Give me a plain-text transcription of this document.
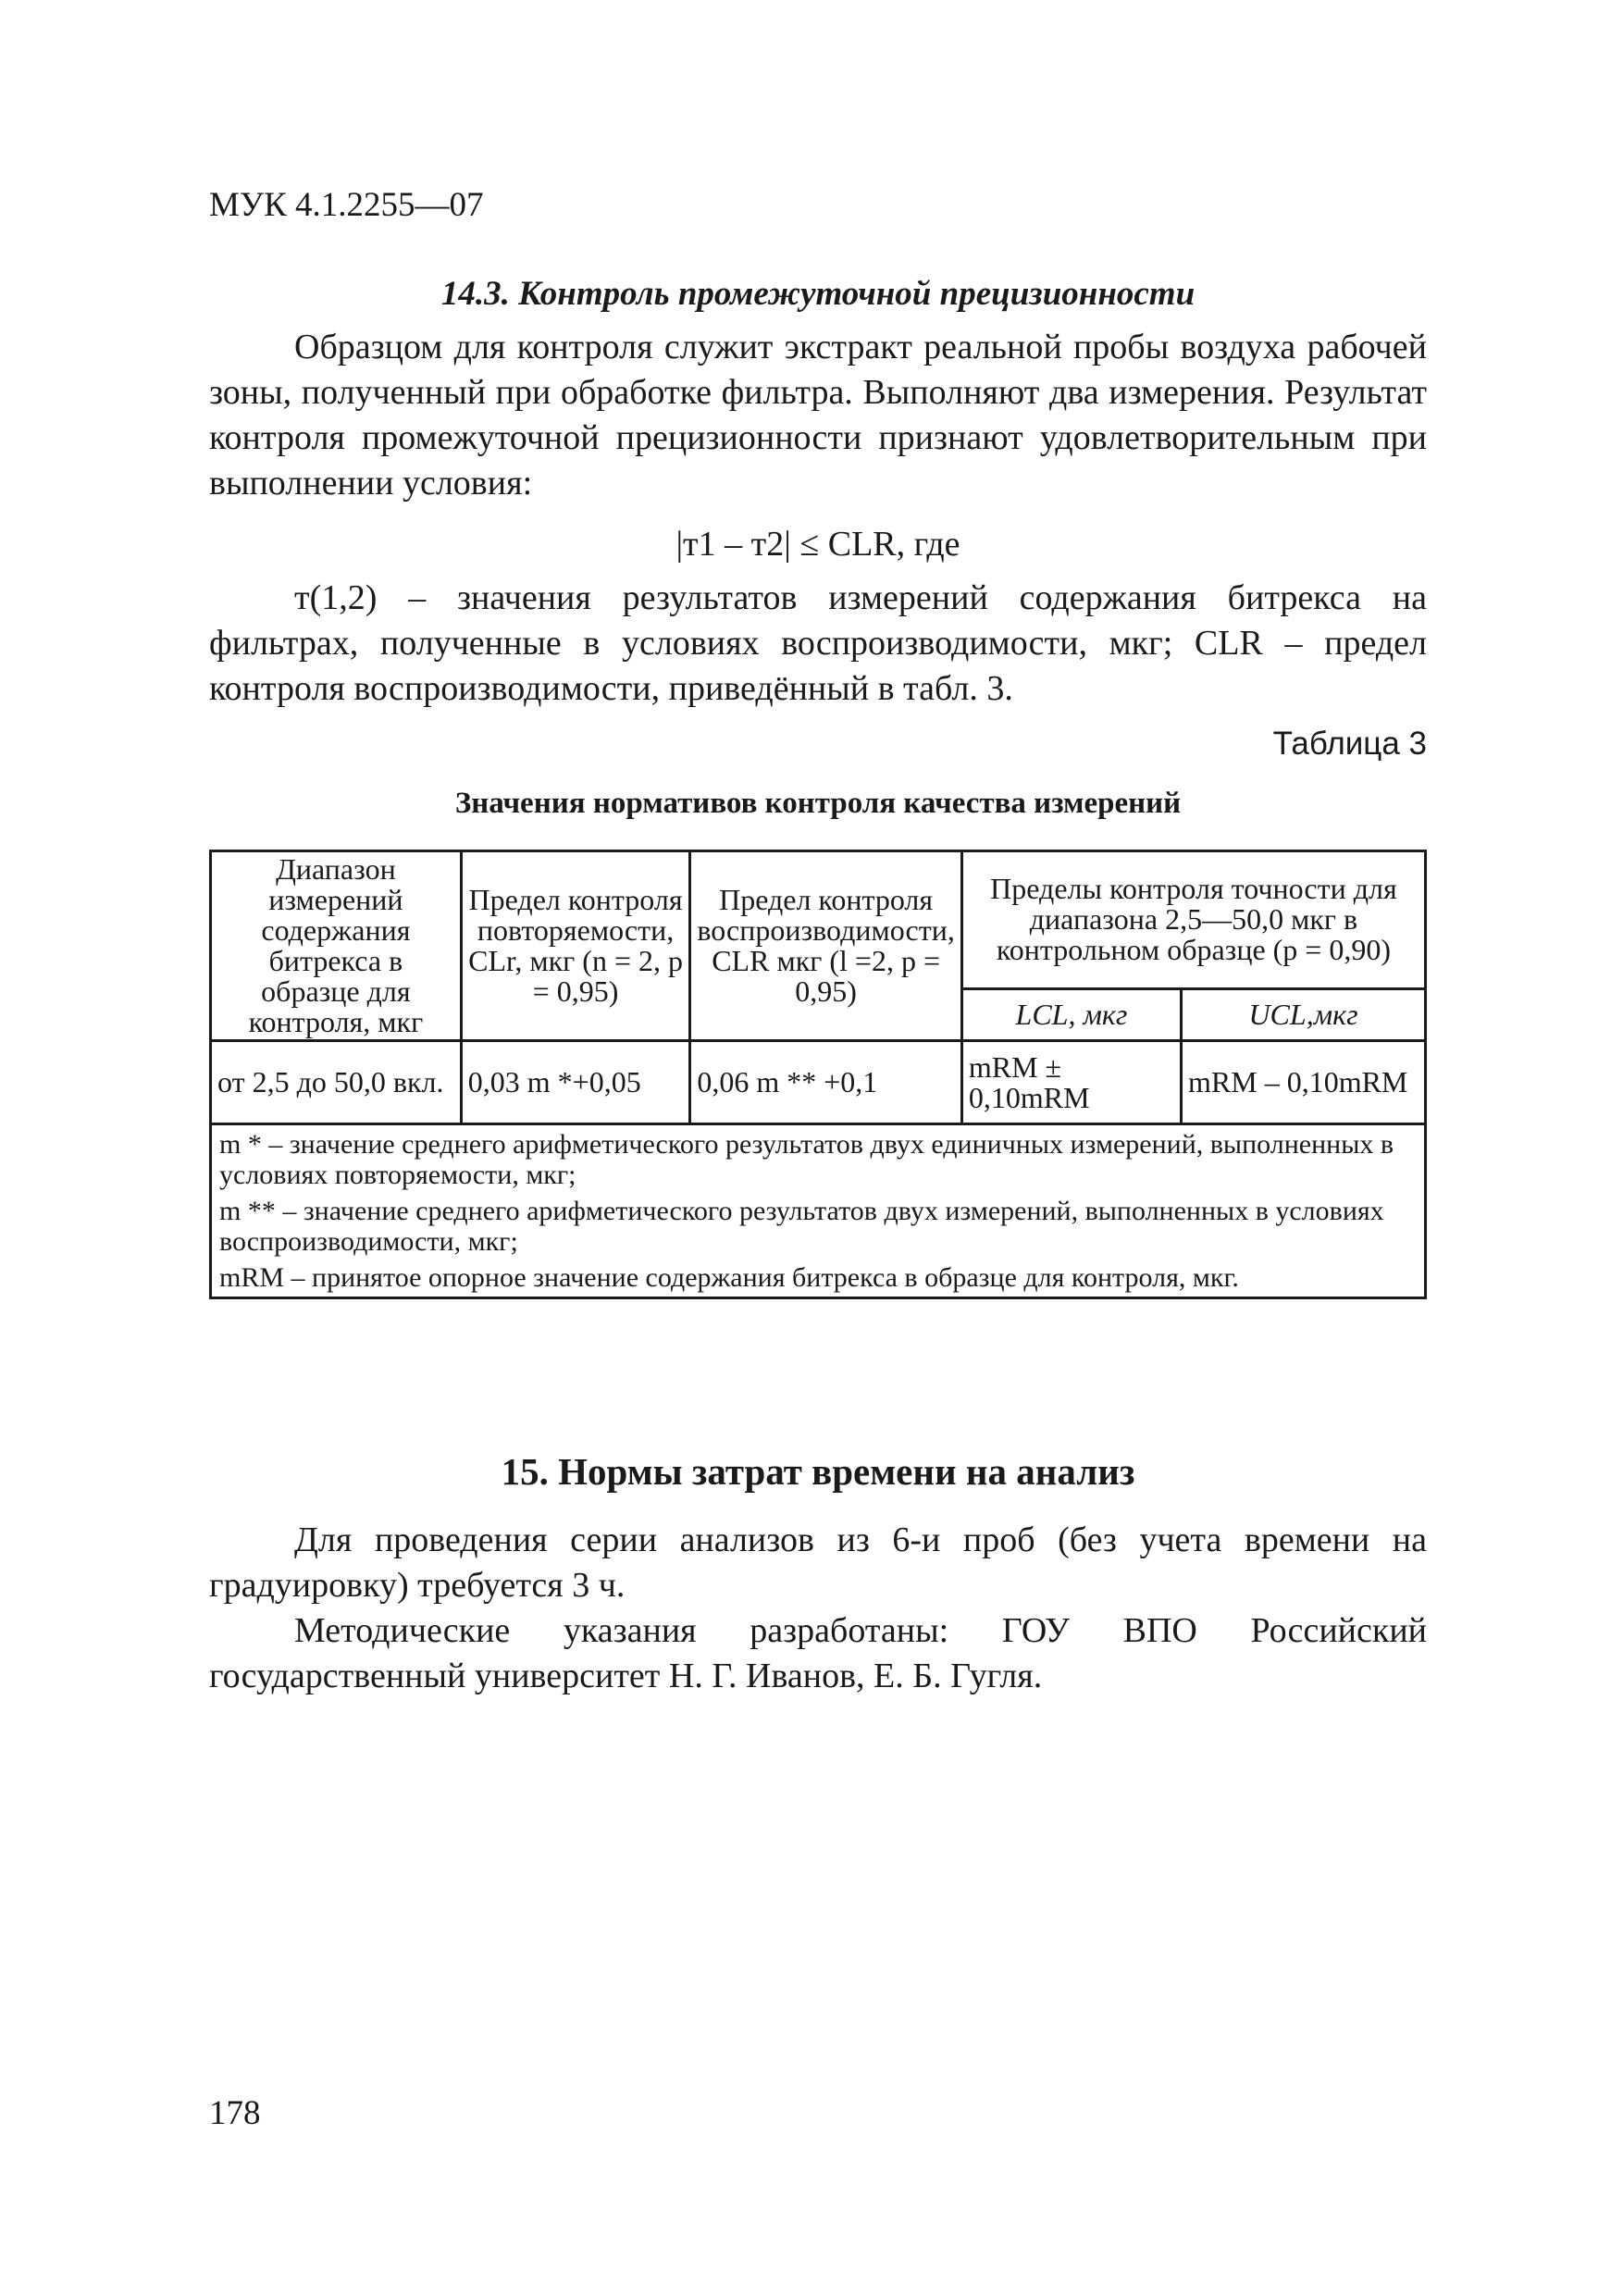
МУК 4.1.2255—07
14.3. Контроль промежуточной прецизионности

Образцом для контроля служит экстракт реальной пробы воздуха рабочей зоны, полученный при обработке фильтра. Выполняют два измерения. Результат контроля промежуточной прецизионности признают удовлетворительным при выполнении условия:

|т1 – т2| ≤ CLR, где

т(1,2) – значения результатов измерений содержания битрекса на фильтрах, полученные в условиях воспроизводимости, мкг; CLR – предел контроля воспроизводимости, приведённый в табл. 3.

Таблица 3
Значения нормативов контроля качества измерений
Диапазон измерений содержания битрекса в образце для контроля, мкг	Предел контроля повторяемости, CLr, мкг (n = 2, p = 0,95)	Предел контроля воспроизводимости, CLR мкг (l =2, p = 0,95)	Пределы контроля точности для диапазона 2,5—50,0 мкг в контрольном образце (p = 0,90)	
			LCL, мкг	UCL,мкг
от 2,5 до 50,0 вкл.	0,03 m *+0,05	0,06 m ** +0,1	mRM ± 0,10mRM	mRM – 0,10mRM

m * – значение среднего арифметического результатов двух единичных измерений, выполненных в условиях повторяемости, мкг;

m ** – значение среднего арифметического результатов двух измерений, выполненных в условиях воспроизводимости, мкг;

mRM – принятое опорное значение содержания битрекса в образце для контроля, мкг.				

15. Нормы затрат времени на анализ

Для проведения серии анализов из 6-и проб (без учета времени на градуировку) требуется 3 ч.

Методические указания разработаны: ГОУ ВПО Российский государственный университет Н. Г. Иванов, Е. Б. Гугля.

178
